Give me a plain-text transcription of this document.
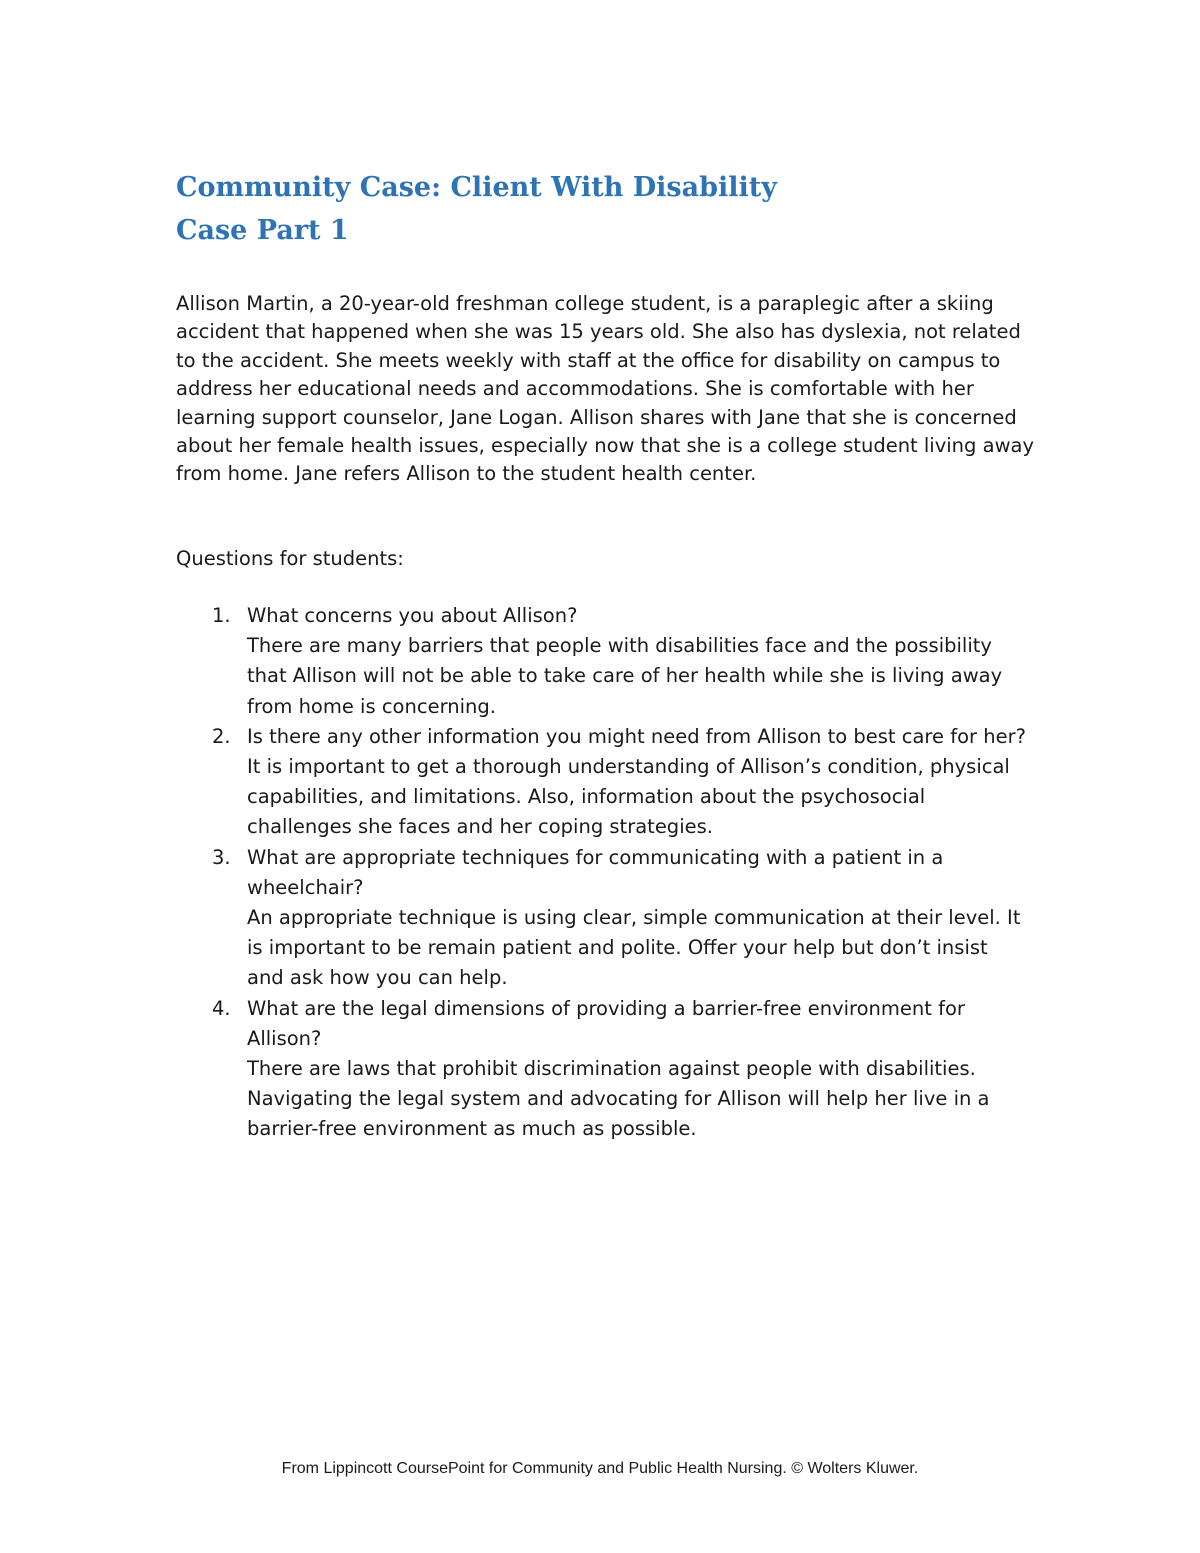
Community Case: Client With Disability

Case Part 1

Allison Martin, a 20-year-old freshman college student, is a paraplegic after a skiing accident that happened when she was 15 years old. She also has dyslexia, not related to the accident. She meets weekly with staff at the office for disability on campus to address her educational needs and accommodations. She is comfortable with her learning support counselor, Jane Logan. Allison shares with Jane that she is concerned about her female health issues, especially now that she is a college student living away from home. Jane refers Allison to the student health center.

Questions for students:

1. What concerns you about Allison?
There are many barriers that people with disabilities face and the possibility that Allison will not be able to take care of her health while she is living away from home is concerning.
2. Is there any other information you might need from Allison to best care for her?
It is important to get a thorough understanding of Allison’s condition, physical capabilities, and limitations. Also, information about the psychosocial challenges she faces and her coping strategies.
3. What are appropriate techniques for communicating with a patient in a wheelchair?
An appropriate technique is using clear, simple communication at their level. It is important to be remain patient and polite. Offer your help but don’t insist and ask how you can help.
4. What are the legal dimensions of providing a barrier-free environment for Allison?
There are laws that prohibit discrimination against people with disabilities. Navigating the legal system and advocating for Allison will help her live in a barrier-free environment as much as possible.
From Lippincott CoursePoint for Community and Public Health Nursing. © Wolters Kluwer.
